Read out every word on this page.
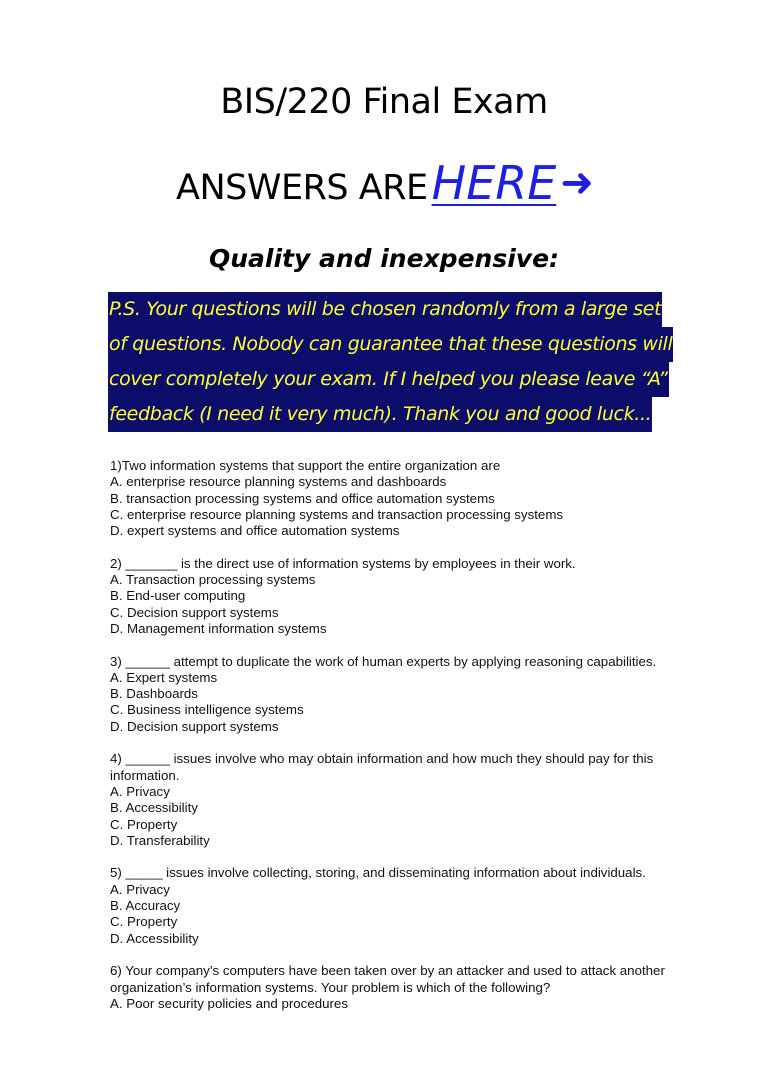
BIS/220 Final Exam
ANSWERS AREHERE ➜
Quality and inexpensive:
P.S. Your questions will be chosen randomly from a large set
of questions. Nobody can guarantee that these questions will
cover completely your exam. If I helped you please leave “A”
feedback (I need it very much). Thank you and good luck...
1)Two information systems that support the entire organization are
A. enterprise resource planning systems and dashboards
B. transaction processing systems and office automation systems
C. enterprise resource planning systems and transaction processing systems
D. expert systems and office automation systems
2) _______ is the direct use of information systems by employees in their work.
A. Transaction processing systems
B. End-user computing
C. Decision support systems
D. Management information systems
3) ______ attempt to duplicate the work of human experts by applying reasoning capabilities.
A. Expert systems
B. Dashboards
C. Business intelligence systems
D. Decision support systems
4) ______ issues involve who may obtain information and how much they should pay for this information.
A. Privacy
B. Accessibility
C. Property
D. Transferability
5) _____ issues involve collecting, storing, and disseminating information about individuals.
A. Privacy
B. Accuracy
C. Property
D. Accessibility
6) Your company’s computers have been taken over by an attacker and used to attack another organization’s information systems. Your problem is which of the following?
A. Poor security policies and procedures
